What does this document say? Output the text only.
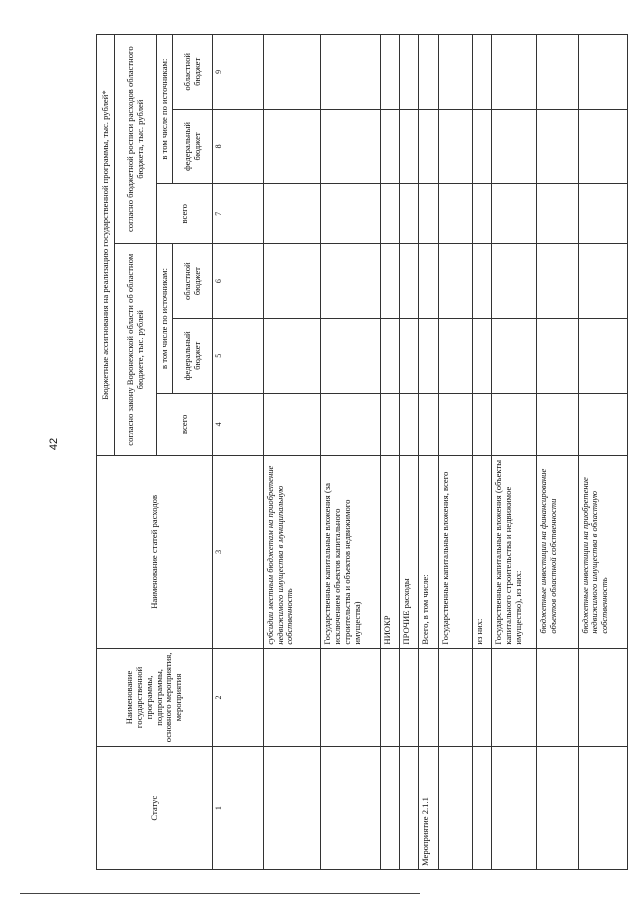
42
Статус	Наименование государственной программы, подпрограммы, основного мероприятия, мероприятия	Наименование статей расходов	Бюджетные ассигнования на реализацию государственной программы, тыс. рублей*					
			согласно закону Воронежской области об областном бюджете, тыс. рублей			согласно бюджетной росписи расходов областного бюджета, тыс. рублей		
			всего	в том числе по источникам:		всего	в том числе по источникам:	
				федеральный бюджет	областной бюджет		федеральный бюджет	областной бюджет
1	2	3	4	5	6	7	8	9
		субсидии местным бюджетам на приобретение недвижимого имущества в муниципальную собственность						
		Государственные капитальные вложения (за исключением объектов капитального строительства и объектов недвижимого имущества)						
		НИОКР						
		ПРОЧИЕ расходы						
Мероприятие 2.1.1		Всего, в том числе:						
		Государственные капитальные вложения, всего						
		из них:						
		Государственные капитальные вложения (объекты капитального строительства и недвижимое имущество), из них:						
		бюджетные инвестиции на финансирование объектов областной собственности						
		бюджетные инвестиции на приобретение недвижимого имущества в областную собственность						
